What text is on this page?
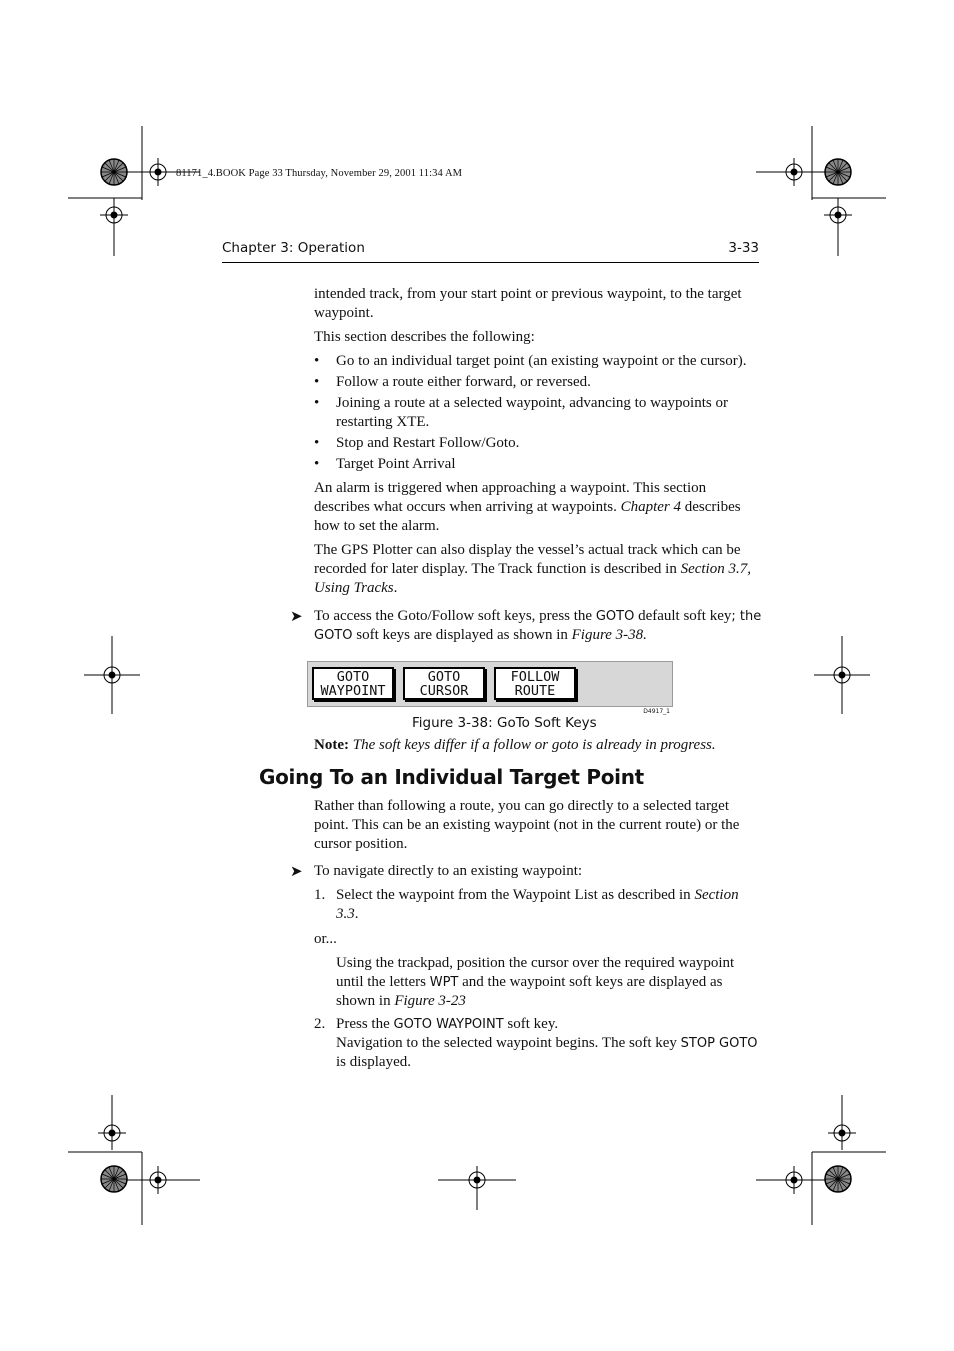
81171_4.BOOK Page 33 Thursday, November 29, 2001 11:34 AM
Chapter 3: Operation	3-33

intended track, from your start point or previous waypoint, to the target waypoint.

This section describes the following:

• Go to an individual target point (an existing waypoint or the cursor).
• Follow a route either forward, or reversed.
• Joining a route at a selected waypoint, advancing to waypoints or restarting XTE.
• Stop and Restart Follow/Goto.
• Target Point Arrival

An alarm is triggered when approaching a waypoint. This section describes what occurs when arriving at waypoints. Chapter 4 describes how to set the alarm.

The GPS Plotter can also display the vessel’s actual track which can be recorded for later display. The Track function is described in Section 3.7, Using Tracks.

➤ To access the Goto/Follow soft keys, press the GOTO default soft key; the GOTO soft keys are displayed as shown in Figure 3-38.
GOTO
WAYPOINT
GOTO
CURSOR
FOLLOW
ROUTE
D4917_1
Figure 3-38: GoTo Soft Keys

Note: The soft keys differ if a follow or goto is already in progress.

Going To an Individual Target Point

Rather than following a route, you can go directly to a selected target point. This can be an existing waypoint (not in the current route) or the cursor position.

➤ To navigate directly to an existing waypoint:
1. Select the waypoint from the Waypoint List as described in Section 3.3.

or...

Using the trackpad, position the cursor over the required waypoint until the letters WPT and the waypoint soft keys are displayed as shown in Figure 3-23

2. Press the GOTO WAYPOINT soft key.
Navigation to the selected waypoint begins. The soft key STOP GOTO is displayed.
